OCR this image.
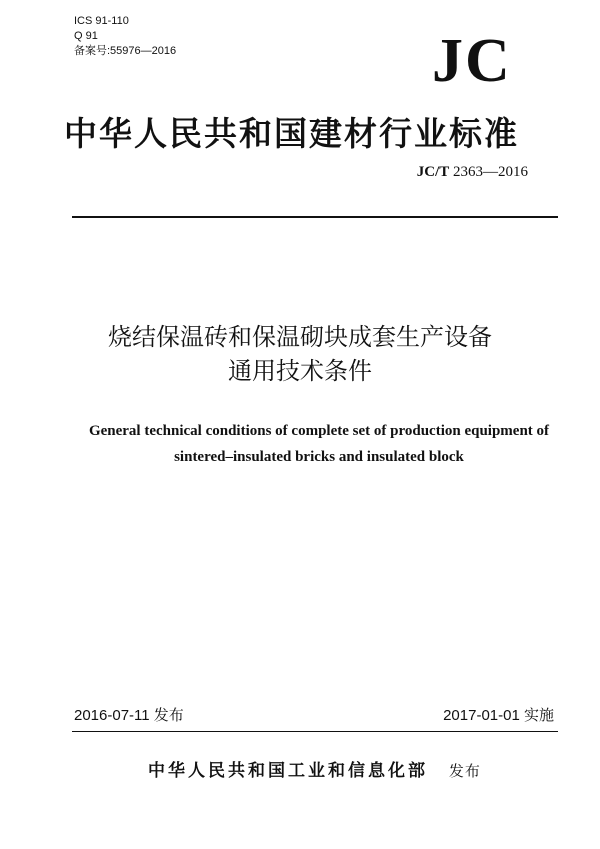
ICS 91-110
Q 91
备案号:55976—2016	JC
中华人民共和国建材行业标准
JC/T 2363—2016
烧结保温砖和保温砌块成套生产设备
通用技术条件
General technical conditions of complete set of production equipment of
sintered–insulated bricks and insulated block
2016-07-11 发布	2017-01-01 实施
中华人民共和国工业和信息化部 发布
